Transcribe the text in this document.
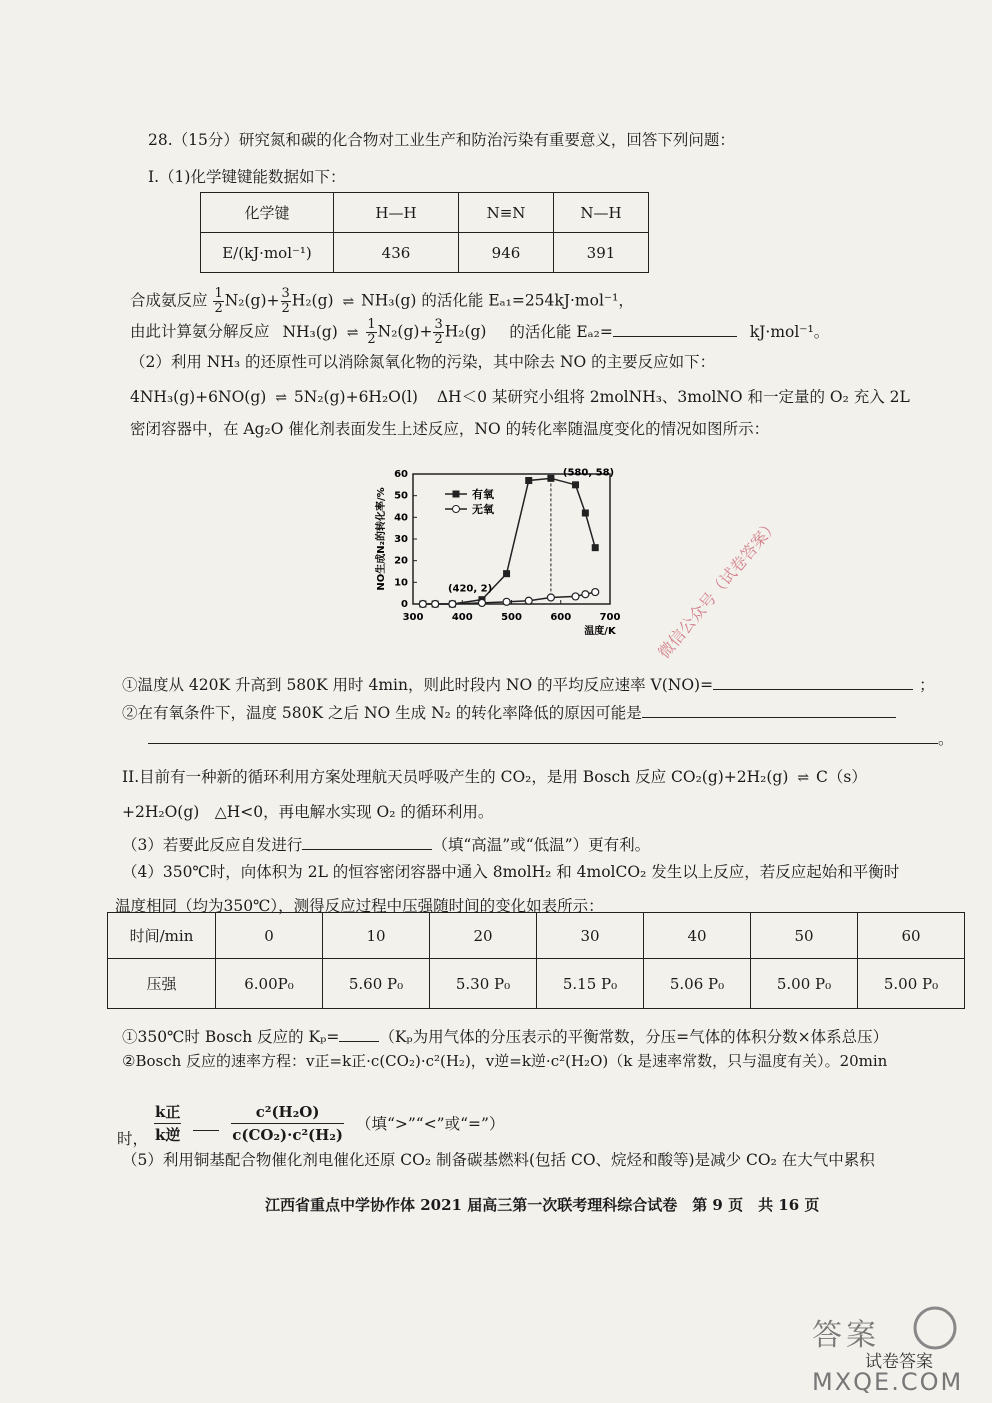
28.（15分）研究氮和碳的化合物对工业生产和防治污染有重要意义，回答下列问题：
I.（1)化学键键能数据如下：
化学键	H—H	N≡N	N—H
E/(kJ·mol⁻¹)	436	946	391
合成氨反应 $\frac{1}{2} N_2(g)+ \frac{3}{2} H_2(g)$ ⇌ NH₃(g) 的活化能 Eₐ₁=254kJ·mol⁻¹，
由此计算氨分解反应 NH₃(g) ⇌ $\frac{1}{2} N_2(g)+ \frac{3}{2} H_2(g)$ 的活化能 Eₐ₂=	kJ·mol⁻¹。
（2）利用 NH₃ 的还原性可以消除氮氧化物的污染，其中除去 NO 的主要反应如下：
4NH₃(g)+6NO(g) ⇌ 5N₂(g)+6H₂O(l) ΔH＜0 某研究小组将 2molNH₃、3molNO 和一定量的 O₂ 充入 2L
密闭容器中，在 Ag₂O 催化剂表面发生上述反应，NO 的转化率随温度变化的情况如图所示：
300	400	500	600	700
0
10
20
30
40
50
60
温度/K
NO生成N₂的转化率/%	有氧
无氧
(580, 58)
(420, 2)
①温度从 420K 升高到 580K 用时 4min，则此时段内 NO 的平均反应速率 V(NO)=	；
②在有氧条件下，温度 580K 之后 NO 生成 N₂ 的转化率降低的原因可能是
。
II.目前有一种新的循环利用方案处理航天员呼吸产生的 CO₂，是用 Bosch 反应 CO₂(g)+2H₂(g) ⇌ C（s）
+2H₂O(g)　△H<0，再电解水实现 O₂ 的循环利用。
（3）若要此反应自发进行	（填“高温”或“低温”）更有利。
（4）350℃时，向体积为 2L 的恒容密闭容器中通入 8molH₂ 和 4molCO₂ 发生以上反应，若反应起始和平衡时
温度相同（均为350℃），测得反应过程中压强随时间的变化如表所示：
时间/min	0	10	20	30	40	50	60
压强	6.00P₀	5.60 P₀	5.30 P₀	5.15 P₀	5.06 P₀	5.00 P₀	5.00 P₀
①350℃时 Bosch 反应的 Kₚ=	（Kₚ为用气体的分压表示的平衡常数，分压=气体的体积分数×体系总压）
②Bosch 反应的速率方程：v正=k正·c(CO₂)·c²(H₂)，v逆=k逆·c²(H₂O)（k 是速率常数，只与温度有关）。20min
时， $\frac{\text{k正}}{\text{k逆}}$
	$\frac{\text{c²(H₂O)}}{\text{c(CO₂)·c²(H₂)}}$ （填“>”“<”或“=”）
（5）利用铜基配合物催化剂电催化还原 CO₂ 制备碳基燃料(包括 CO、烷烃和酸等)是减少 CO₂ 在大气中累积
江西省重点中学协作体 2021 届高三第一次联考理科综合试卷　第 9 页　共 16 页
微信公众号（试卷答案）
答案
试卷答案
MXQE.COM
